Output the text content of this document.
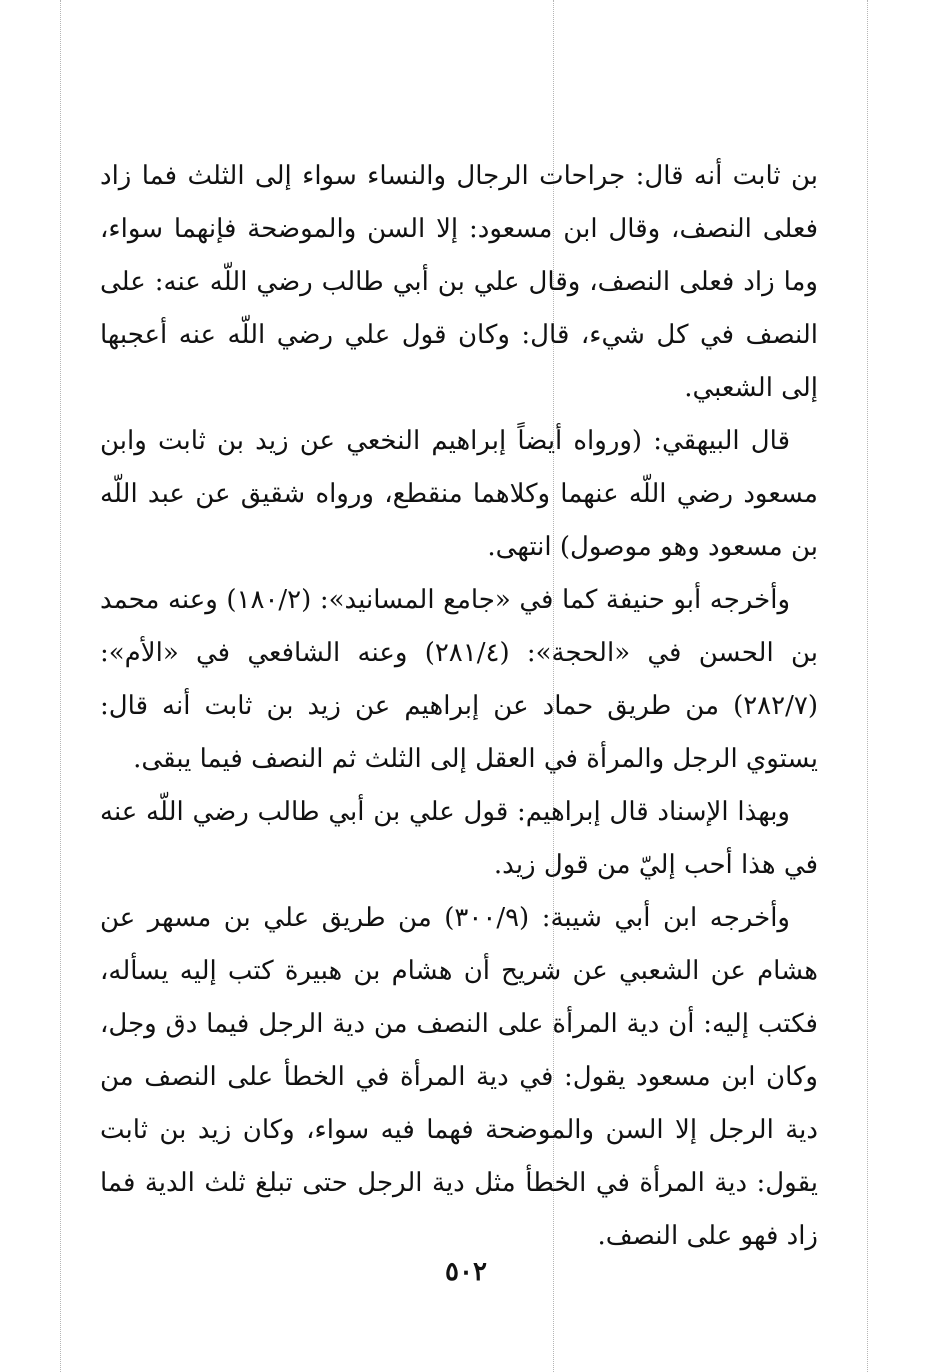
بن ثابت أنه قال: جراحات الرجال والنساء سواء إلى الثلث فما زاد فعلى النصف، وقال ابن مسعود: إلا السن والموضحة فإنهما سواء، وما زاد فعلى النصف، وقال علي بن أبي طالب رضي اللّه عنه: على النصف في كل شيء، قال: وكان قول علي رضي اللّه عنه أعجبها إلى الشعبي.

قال البيهقي: (ورواه أيضاً إبراهيم النخعي عن زيد بن ثابت وابن مسعود رضي اللّه عنهما وكلاهما منقطع، ورواه شقيق عن عبد اللّه بن مسعود وهو موصول) انتهى.

وأخرجه أبو حنيفة كما في «جامع المسانيد»: (١٨٠/٢) وعنه محمد بن الحسن في «الحجة»: (٢٨١/٤) وعنه الشافعي في «الأم»: (٢٨٢/٧) من طريق حماد عن إبراهيم عن زيد بن ثابت أنه قال: يستوي الرجل والمرأة في العقل إلى الثلث ثم النصف فيما يبقى.

وبهذا الإسناد قال إبراهيم: قول علي بن أبي طالب رضي اللّه عنه في هذا أحب إليّ من قول زيد.

وأخرجه ابن أبي شيبة: (٣٠٠/٩) من طريق علي بن مسهر عن هشام عن الشعبي عن شريح أن هشام بن هبيرة كتب إليه يسأله، فكتب إليه: أن دية المرأة على النصف من دية الرجل فيما دق وجل، وكان ابن مسعود يقول: في دية المرأة في الخطأ على النصف من دية الرجل إلا السن والموضحة فهما فيه سواء، وكان زيد بن ثابت يقول: دية المرأة في الخطأ مثل دية الرجل حتى تبلغ ثلث الدية فما زاد فهو على النصف.

٥٠٢
